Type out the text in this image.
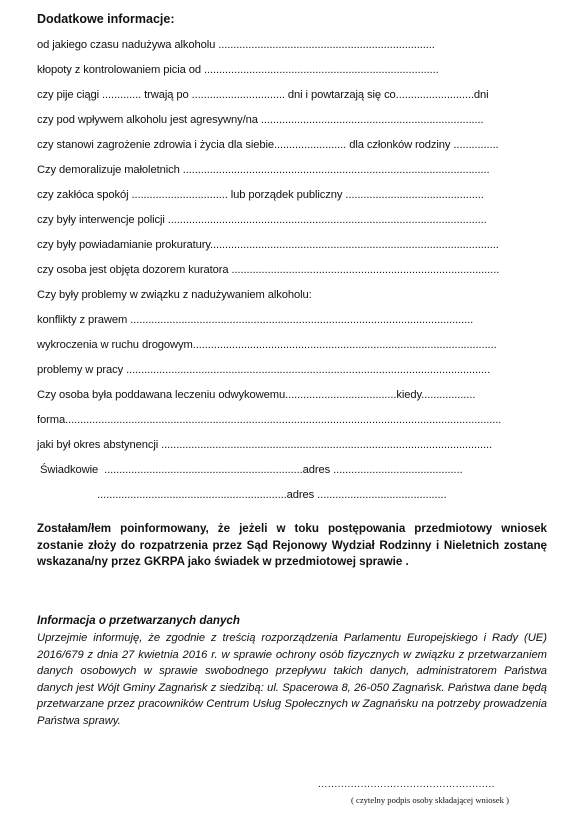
Dodatkowe informacje:

od jakiego czasu nadużywa alkoholu ........................................................................

kłopoty z kontrolowaniem picia od ..............................................................................

czy pije ciągi ............. trwają po ............................... dni i powtarzają się co..........................dni

czy pod wpływem alkoholu jest agresywny/na ..........................................................................

czy stanowi zagrożenie zdrowia i życia dla siebie........................ dla członków rodziny ...............

Czy demoralizuje małoletnich ......................................................................................................

czy zakłóca spokój ................................ lub porządek publiczny ..............................................

czy były interwencje policji ..........................................................................................................

czy były powiadamianie prokuratury................................................................................................

czy osoba jest objęta dozorem kuratora .........................................................................................

Czy były problemy w związku z nadużywaniem alkoholu:

konflikty z prawem ..................................................................................................................

wykroczenia w ruchu drogowym.....................................................................................................

problemy w pracy .........................................................................................................................

Czy osoba była poddawana leczeniu odwykowemu.....................................kiedy..................

forma.................................................................................................................................................

jaki był okres abstynencji ..............................................................................................................

Świadkowie  ..................................................................adres ...........................................

...............................................................adres ...........................................

Zostałam/łem poinformowany, że jeżeli w toku postępowania przedmiotowy wniosek zostanie złoży do rozpatrzenia przez Sąd Rejonowy Wydział Rodzinny i Nieletnich zostanę wskazana/ny przez GKRPA jako świadek w przedmiotowej sprawie .

Informacja o przetwarzanych danych

Uprzejmie informuję, że zgodnie z treścią rozporządzenia Parlamentu Europejskiego i Rady (UE) 2016/679 z dnia 27 kwietnia 2016 r. w sprawie ochrony osób fizycznych w związku z przetwarzaniem danych osobowych w sprawie swobodnego przepływu takich danych, administratorem Państwa danych jest Wójt Gminy Zagnańsk z siedzibą: ul. Spacerowa 8, 26-050 Zagnańsk. Państwa dane będą przetwarzane przez pracowników Centrum Usług Społecznych w Zagnańsku na potrzeby prowadzenia Państwa sprawy.

......................................................
( czytelny podpis osoby składającej wniosek )
